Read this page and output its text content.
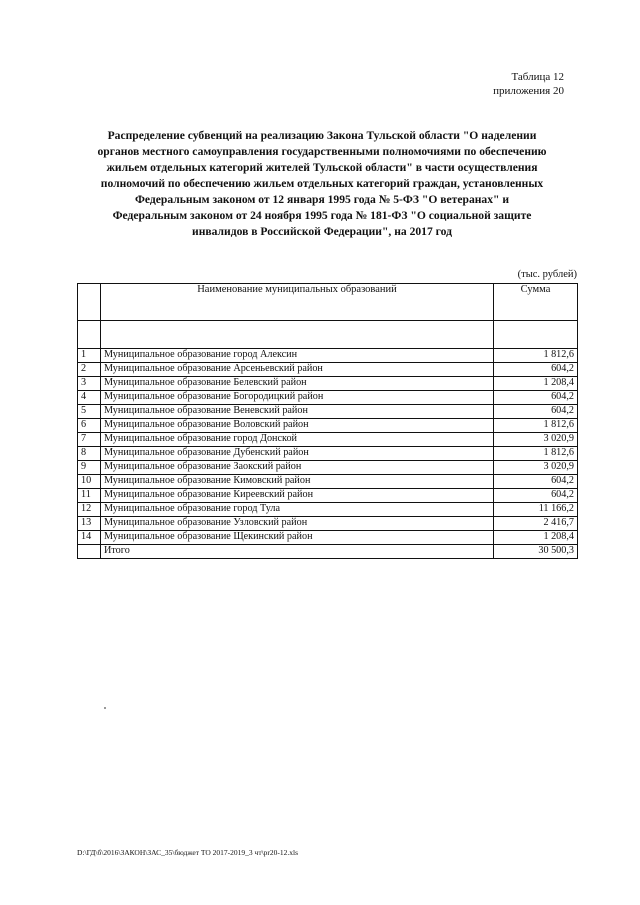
Таблица 12
приложения 20
Распределение субвенций на реализацию Закона Тульской области "О наделении
органов местного самоуправления государственными полномочиями по обеспечению
жильем отдельных категорий жителей Тульской области" в части осуществления
полномочий по обеспечению жильем отдельных категорий граждан, установленных
Федеральным законом от 12 января 1995 года № 5-ФЗ "О ветеранах" и
Федеральным законом от 24 ноября 1995 года № 181-ФЗ "О социальной защите
инвалидов в Российской Федерации", на 2017 год
(тыс. рублей)
	Наименование муниципальных образований	Сумма

1	Муниципальное образование город Алексин	1 812,6
2	Муниципальное образование Арсеньевский район	604,2
3	Муниципальное образование Белевский район	1 208,4
4	Муниципальное образование Богородицкий район	604,2
5	Муниципальное образование Веневский район	604,2
6	Муниципальное образование Воловский район	1 812,6
7	Муниципальное образование город Донской	3 020,9
8	Муниципальное образование Дубенский район	1 812,6
9	Муниципальное образование Заокский район	3 020,9
10	Муниципальное образование Кимовский район	604,2
11	Муниципальное образование Киреевский район	604,2
12	Муниципальное образование город Тула	11 166,2
13	Муниципальное образование Узловский район	2 416,7
14	Муниципальное образование Щекинский район	1 208,4
	Итого	30 500,3
D:\ГД\б\2016\ЗАКОН\ЗАС_35\бюджет ТО 2017-2019_3 чт\pr20-12.xls
